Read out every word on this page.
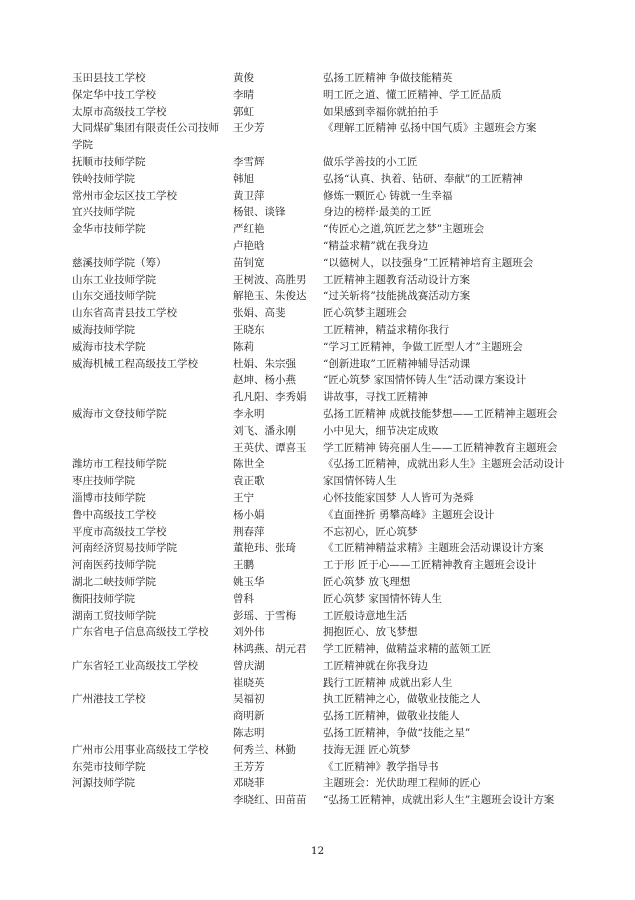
玉田县技工学校	黄俊	弘扬工匠精神 争做技能精英
保定华中技工学校	李晴	明工匠之道、懂工匠精神、学工匠品质
太原市高级技工学校	郭虹	如果感到幸福你就拍拍手
大同煤矿集团有限责任公司技师学院
王少芳	《理解工匠精神 弘扬中国气质》主题班会方案
抚顺市技师学院	李雪辉	做乐学善技的小工匠
铁岭技师学院	韩旭	弘扬“认真、执着、钻研、奉献”的工匠精神
常州市金坛区技工学校	黄卫萍	修炼一颗匠心 铸就一生幸福
宜兴技师学院	杨银、谈锋	身边的榜样·最美的工匠
金华市技师学院	严红艳	“传匠心之道,筑匠艺之梦”主题班会
卢艳晗	“精益求精”就在我身边
慈溪技师学院（筹）	苗钊宽	“以德树人，以技强身”工匠精神培育主题班会
山东工业技师学院	王树波、高胜男	工匠精神主题教育活动设计方案
山东交通技师学院	解艳玉、朱俊达	“过关斩将”技能挑战赛活动方案
山东省高青县技工学校	张娟、高斐	匠心筑梦主题班会
威海技师学院	王晓东	工匠精神，精益求精你我行
威海市技术学院	陈莉	“学习工匠精神，争做工匠型人才”主题班会
威海机械工程高级技工学校	杜娟、朱宗强	“创新进取”工匠精神辅导活动课
赵坤、杨小燕	“匠心筑梦 家国情怀铸人生”活动课方案设计
孔凡阳、李秀娟	讲故事，寻找工匠精神
威海市文登技师学院	李永明	弘扬工匠精神 成就技能梦想——工匠精神主题班会
刘飞、潘永刚	小中见大，细节决定成败
王英伏、谭喜玉	学工匠精神 铸亮丽人生——工匠精神教育主题班会
潍坊市工程技师学院	陈世全	《弘扬工匠精神，成就出彩人生》主题班会活动设计
枣庄技师学院	袁正歌	家国情怀铸人生
淄博市技师学院	王宁	心怀技能家国梦 人人皆可为尧舜
鲁中高级技工学校	杨小娟	《直面挫折 勇攀高峰》主题班会设计
平度市高级技工学校	荆春萍	不忘初心，匠心筑梦
河南经济贸易技师学院	董艳玮、张琦	《工匠精神精益求精》主题班会活动课设计方案
河南医药技师学院	王鹏	工于形 匠于心——工匠精神教育主题班会设计
湖北二峡技师学院	姚玉华	匠心筑梦 放飞理想
衡阳技师学院	曾科	匠心筑梦 家国情怀铸人生
湖南工贸技师学院	彭瑶、于雪梅	工匠般诗意地生活
广东省电子信息高级技工学校	刘外伟	拥抱匠心、放飞梦想
林鸿燕、胡元君	学工匠精神，做精益求精的蓝领工匠
广东省轻工业高级技工学校	曾庆湖	工匠精神就在你我身边
崔晓英	践行工匠精神 成就出彩人生
广州港技工学校	吴福初	执工匠精神之心，做敬业技能之人
商明新	弘扬工匠精神，做敬业技能人
陈志明	弘扬工匠精神，争做“技能之星”
广州市公用事业高级技工学校	何秀兰、林勤	技海无涯 匠心筑梦
东莞市技师学院	王芳芳	《工匠精神》教学指导书
河源技师学院	邓晓菲	主题班会：光伏助理工程师的匠心
李晓红、田苗苗	“弘扬工匠精神，成就出彩人生”主题班会设计方案
12
